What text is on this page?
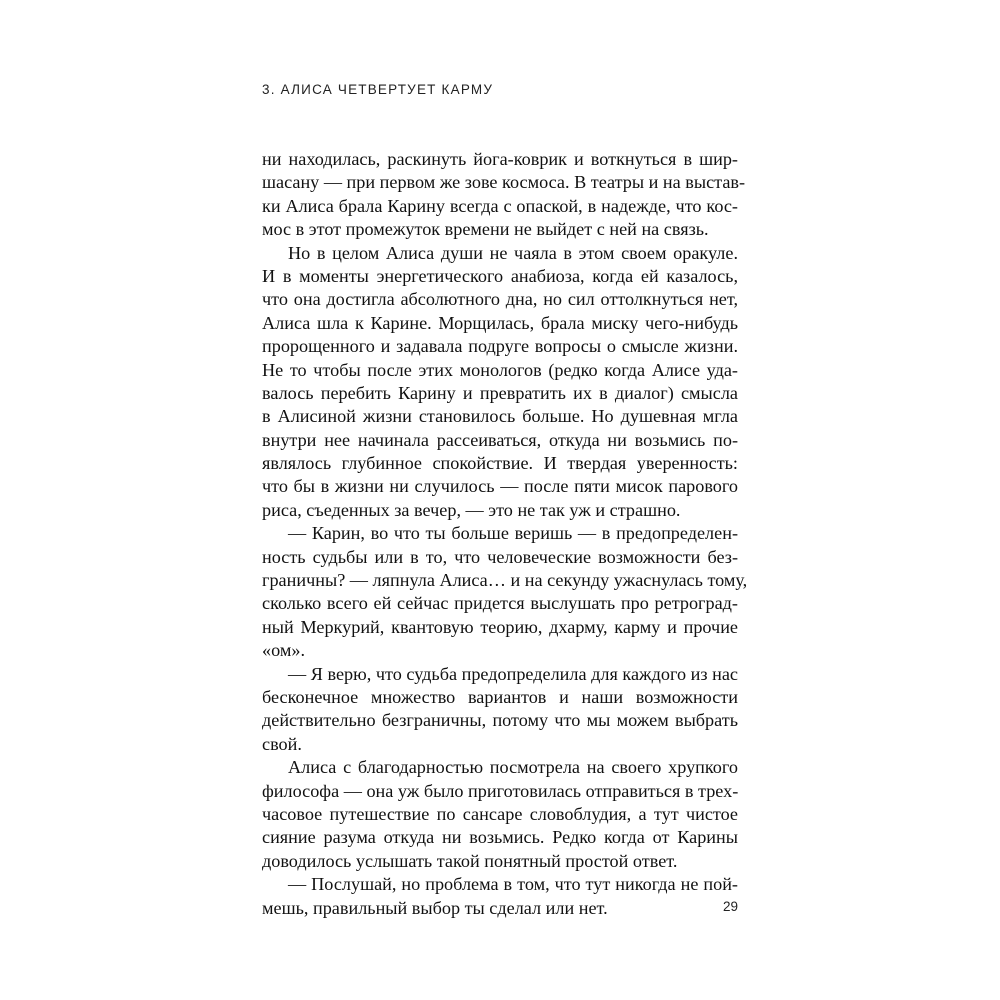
3. АЛИСА ЧЕТВЕРТУЕТ КАРМУ
ни находилась, раскинуть йога-коврик и воткнуться в шир-
шасану — при первом же зове космоса. В театры и на выстав-
ки Алиса брала Карину всегда с опаской, в надежде, что кос-
мос в этот промежуток времени не выйдет с ней на связь.
Но в целом Алиса души не чаяла в этом своем оракуле.
И в моменты энергетического анабиоза, когда ей казалось,
что она достигла абсолютного дна, но сил оттолкнуться нет,
Алиса шла к Карине. Морщилась, брала миску чего-нибудь
пророщенного и задавала подруге вопросы о смысле жизни.
Не то чтобы после этих монологов (редко когда Алисе уда-
валось перебить Карину и превратить их в диалог) смысла
в Алисиной жизни становилось больше. Но душевная мгла
внутри нее начинала рассеиваться, откуда ни возьмись по-
являлось глубинное спокойствие. И твердая уверенность:
что бы в жизни ни случилось — после пяти мисок парового
риса, съеденных за вечер, — это не так уж и страшно.
— Карин, во что ты больше веришь — в предопределен-
ность судьбы или в то, что человеческие возможности без-
граничны? — ляпнула Алиса… и на секунду ужаснулась тому,
сколько всего ей сейчас придется выслушать про ретроград-
ный Меркурий, квантовую теорию, дхарму, карму и прочие
«ом».
— Я верю, что судьба предопределила для каждого из нас
бесконечное множество вариантов и наши возможности
действительно безграничны, потому что мы можем выбрать
свой.
Алиса с благодарностью посмотрела на своего хрупкого
философа — она уж было приготовилась отправиться в трех-
часовое путешествие по сансаре словоблудия, а тут чистое
сияние разума откуда ни возьмись. Редко когда от Карины
доводилось услышать такой понятный простой ответ.
— Послушай, но проблема в том, что тут никогда не пой-
мешь, правильный выбор ты сделал или нет.	29
